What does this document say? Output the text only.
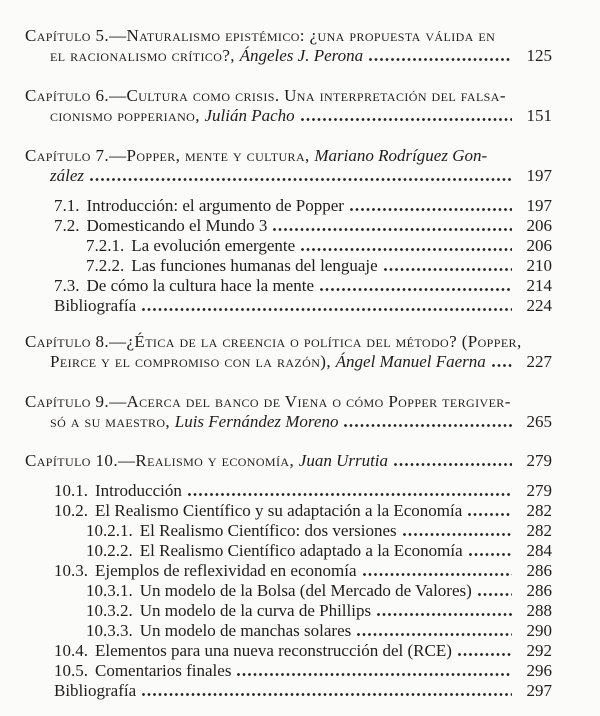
Capítulo 5.—Naturalismo epistémico: ¿una propuesta válida en
el racionalismo crítico?, Ángeles J. Perona	125
Capítulo 6.—Cultura como crisis. Una interpretación del falsa-
cionismo popperiano, Julián Pacho	151
Capítulo 7.—Popper, mente y cultura, Mariano Rodríguez Gon-
zález	197
7.1. Introducción: el argumento de Popper	197
7.2. Domesticando el Mundo 3	206
7.2.1. La evolución emergente	206
7.2.2. Las funciones humanas del lenguaje	210
7.3. De cómo la cultura hace la mente	214
Bibliografía	224
Capítulo 8.—¿Ética de la creencia o política del método? (Popper,
Peirce y el compromiso con la razón), Ángel Manuel Faerna	227
Capítulo 9.—Acerca del banco de Viena o cómo Popper tergiver-
só a su maestro, Luis Fernández Moreno	265
Capítulo 10.—Realismo y economía, Juan Urrutia	279
10.1. Introducción	279
10.2. El Realismo Científico y su adaptación a la Economía	282
10.2.1. El Realismo Científico: dos versiones	282
10.2.2. El Realismo Científico adaptado a la Economía	284
10.3. Ejemplos de reflexividad en economía	286
10.3.1. Un modelo de la Bolsa (del Mercado de Valores)	286
10.3.2. Un modelo de la curva de Phillips	288
10.3.3. Un modelo de manchas solares	290
10.4. Elementos para una nueva reconstrucción del (RCE)	292
10.5. Comentarios finales	296
Bibliografía	297
